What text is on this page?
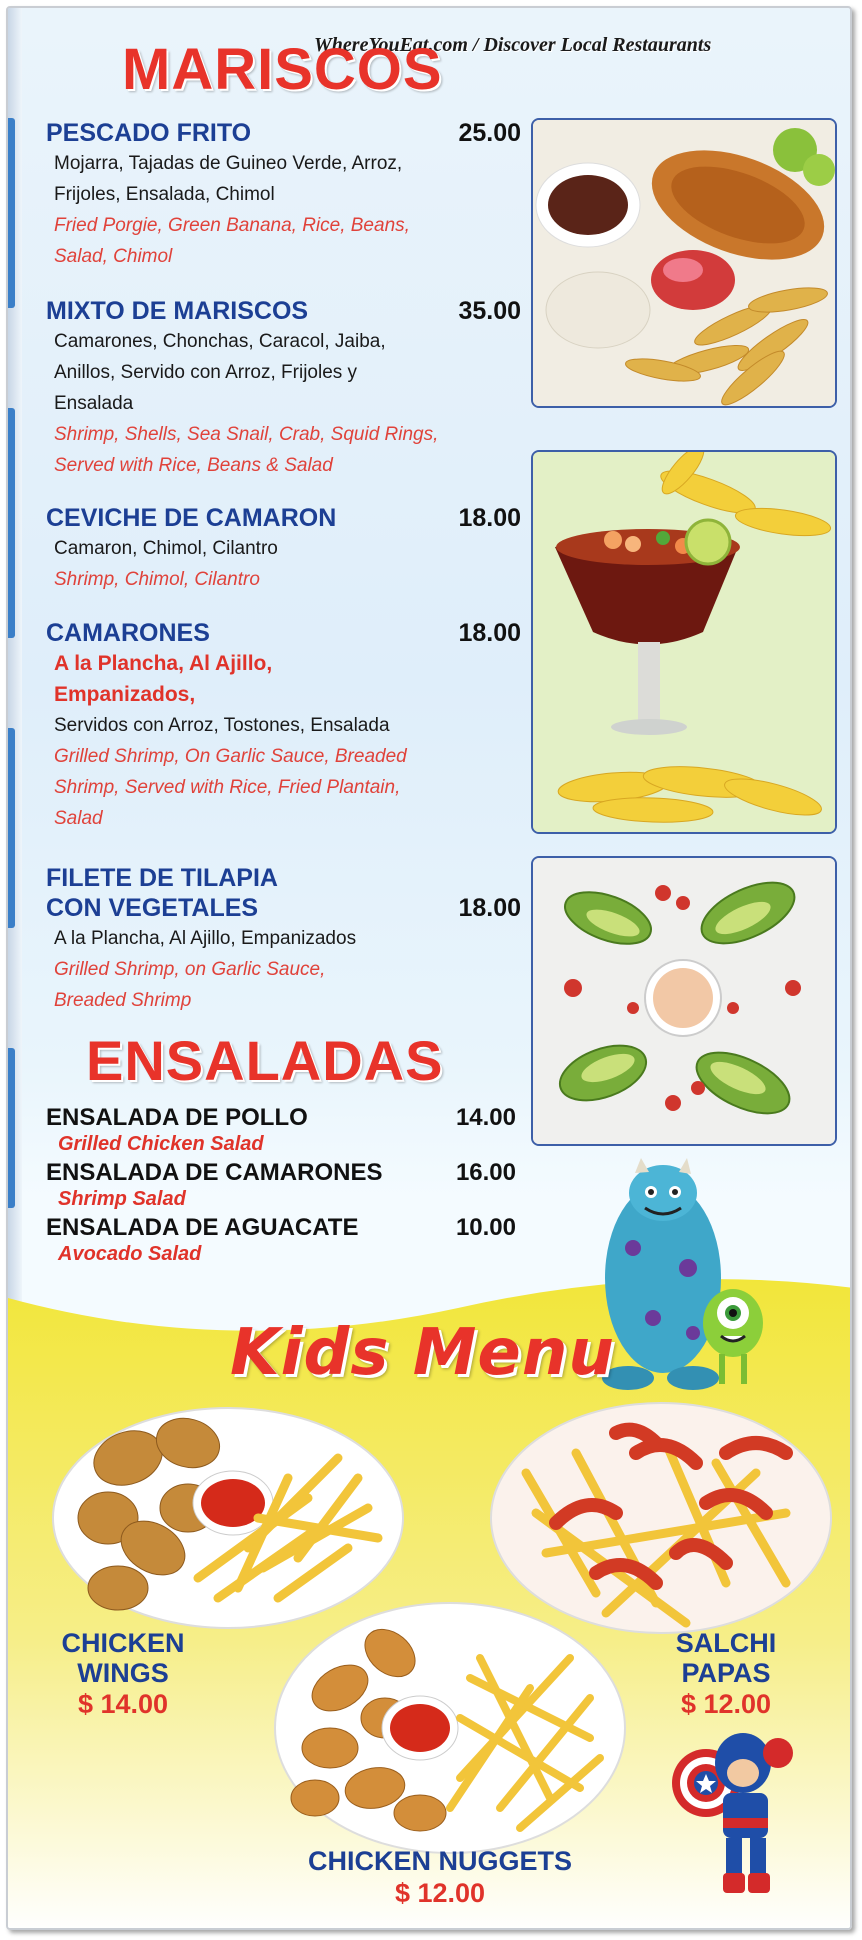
WhereYouEat.com / Discover Local Restaurants
MARISCOS
PESCADO FRITO	25.00
Mojarra, Tajadas de Guineo Verde, Arroz,
Frijoles, Ensalada, Chimol
Fried Porgie, Green Banana, Rice, Beans,
Salad, Chimol
MIXTO DE MARISCOS	35.00
Camarones, Chonchas, Caracol, Jaiba,
Anillos, Servido con Arroz, Frijoles y
Ensalada
Shrimp, Shells, Sea Snail, Crab, Squid Rings,
Served with Rice, Beans & Salad
CEVICHE DE CAMARON	18.00
Camaron, Chimol, Cilantro
Shrimp, Chimol, Cilantro
CAMARONES	18.00
A la Plancha, Al Ajillo,
Empanizados,
Servidos con Arroz, Tostones, Ensalada
Grilled Shrimp, On Garlic Sauce, Breaded
Shrimp, Served with Rice, Fried Plantain,
Salad
FILETE DE TILAPIA
CON VEGETALES	18.00
A la Plancha, Al Ajillo, Empanizados
Grilled Shrimp, on Garlic Sauce,
Breaded Shrimp
ENSALADAS
ENSALADA DE POLLO	14.00
Grilled Chicken Salad
ENSALADA DE CAMARONES	16.00
Shrimp Salad
ENSALADA DE AGUACATE	10.00
Avocado Salad
Kids Menu
CHICKEN
WINGS
$ 14.00
SALCHI
PAPAS
$ 12.00
CHICKEN NUGGETS
$ 12.00
